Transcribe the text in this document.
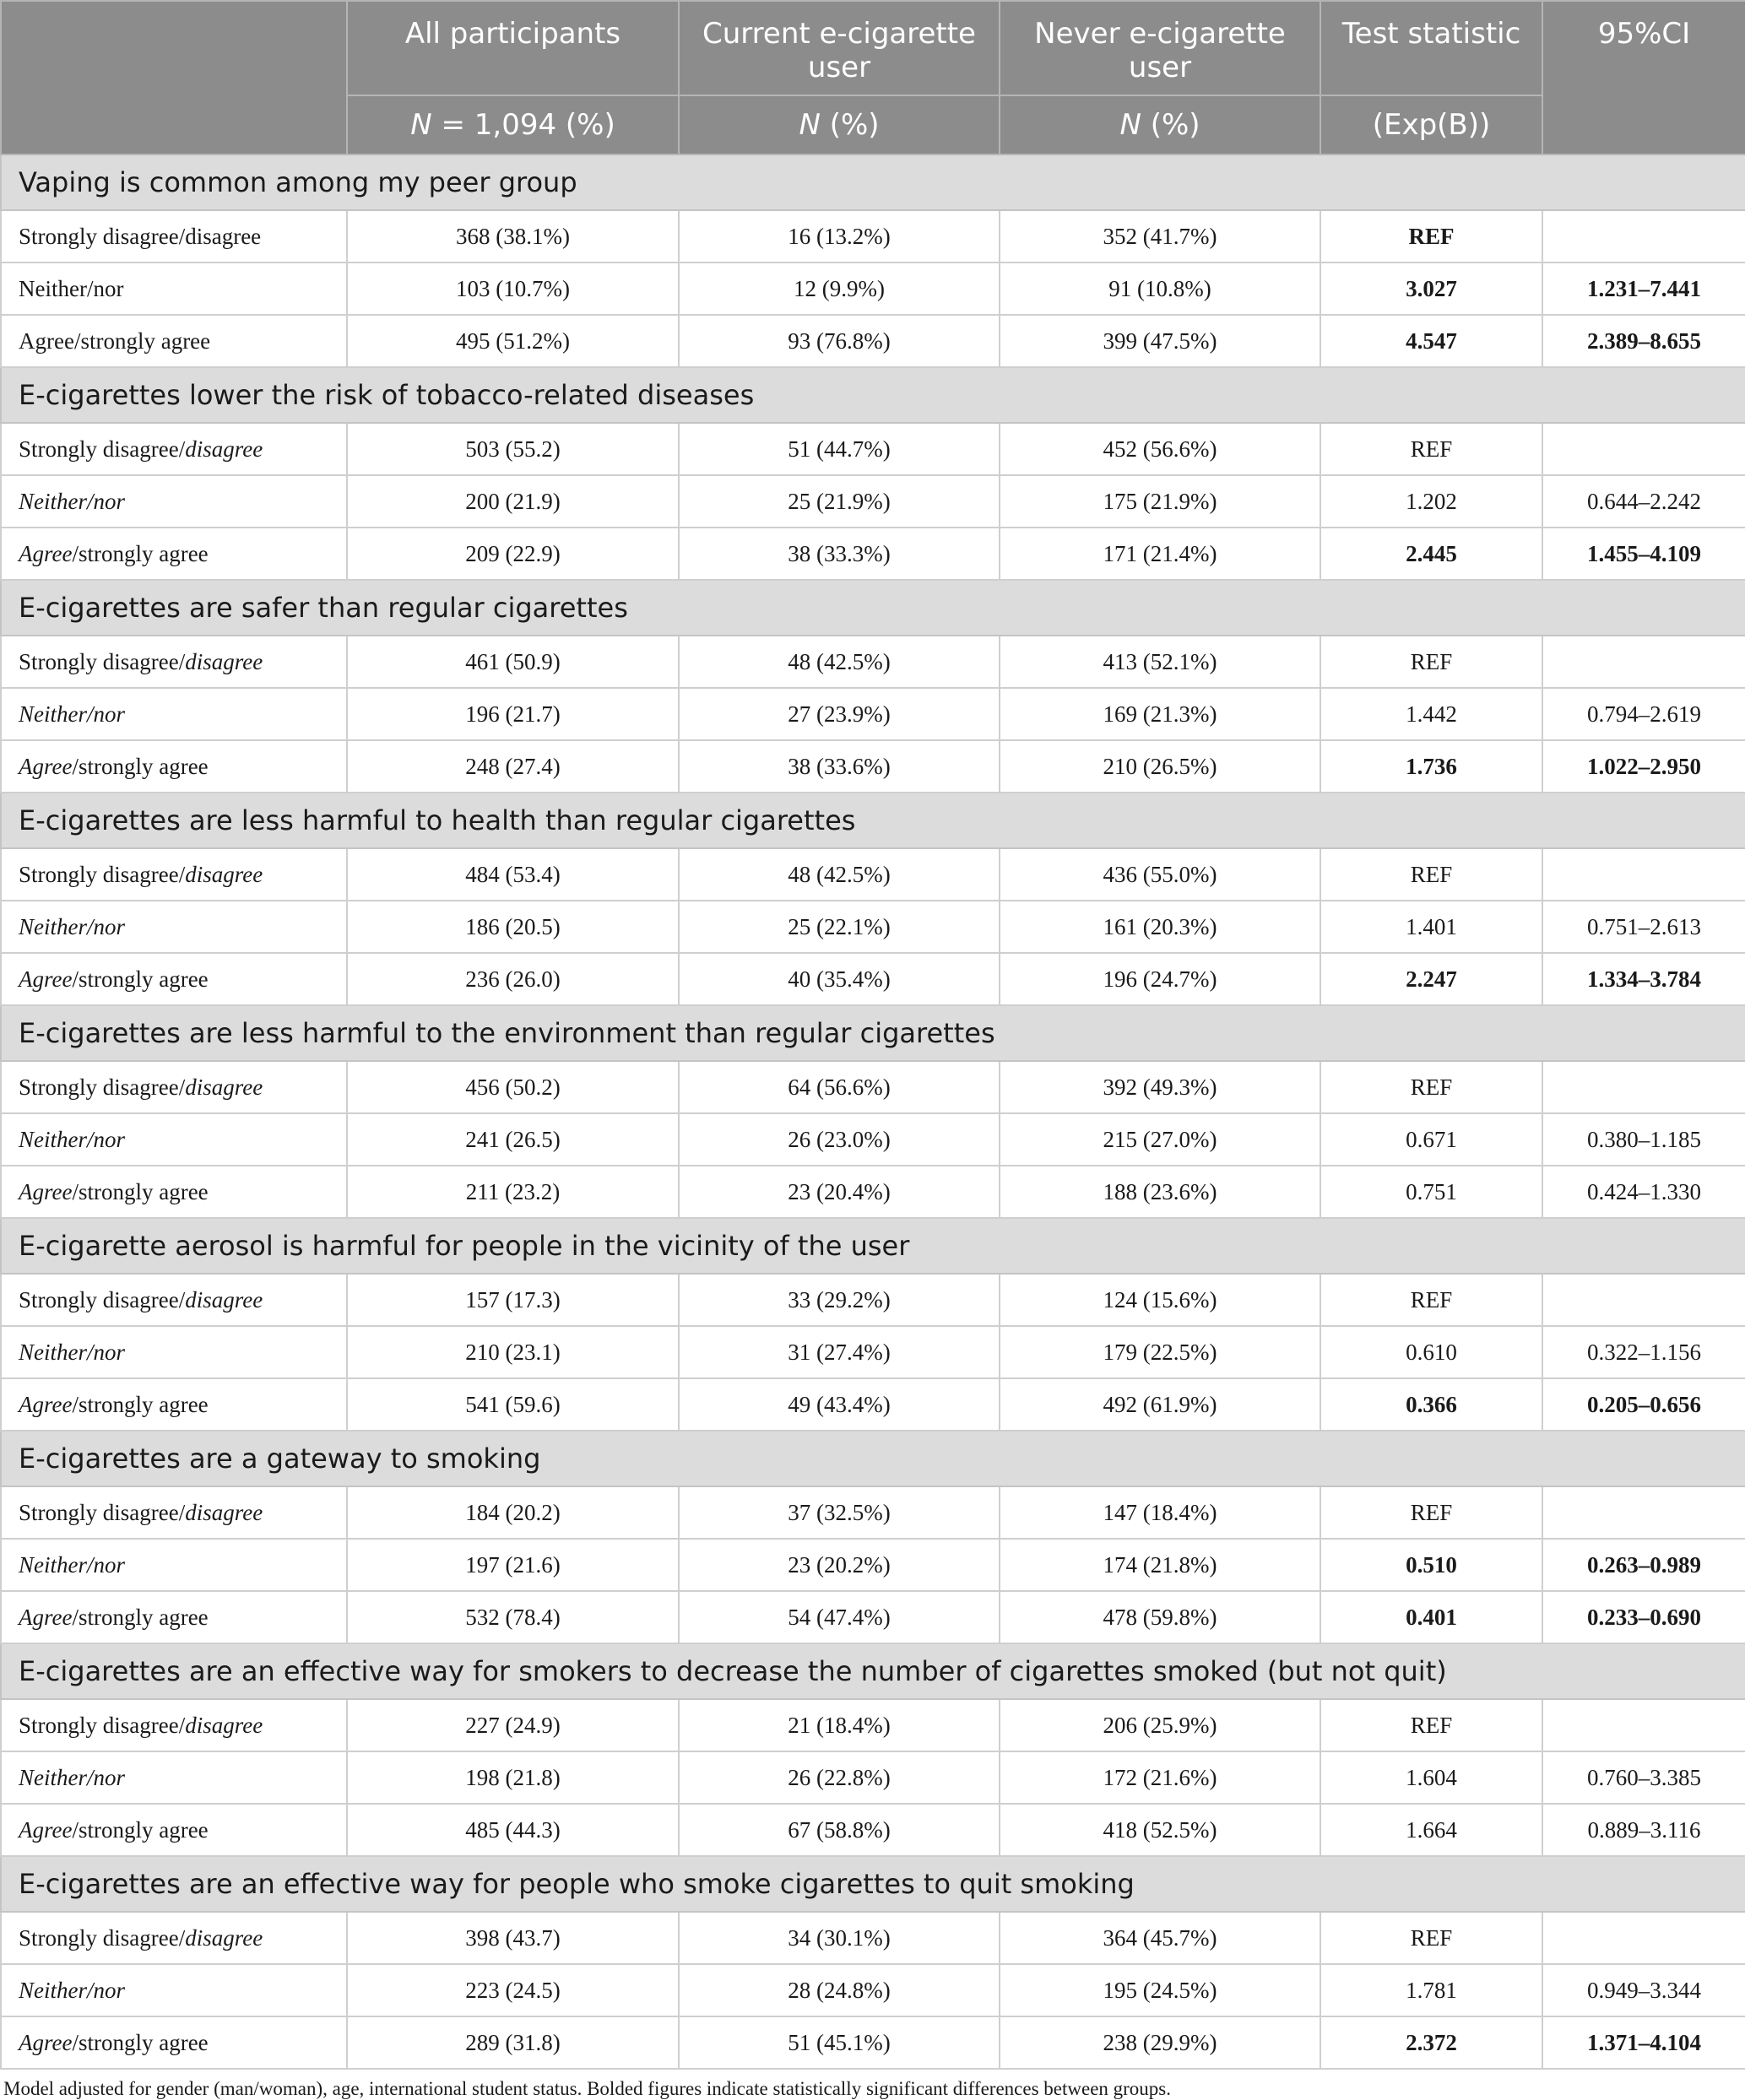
	All participants	Current e-cigarette user	Never e-cigarette user	Test statistic	95%CI
	N = 1,094 (%)	N (%)	N (%)	(Exp(B))	
Vaping is common among my peer group					
Strongly disagree/disagree	368 (38.1%)	16 (13.2%)	352 (41.7%)	REF	
Neither/nor	103 (10.7%)	12 (9.9%)	91 (10.8%)	3.027	1.231–7.441
Agree/strongly agree	495 (51.2%)	93 (76.8%)	399 (47.5%)	4.547	2.389–8.655
E-cigarettes lower the risk of tobacco-related diseases					
Strongly disagree/disagree	503 (55.2)	51 (44.7%)	452 (56.6%)	REF	
Neither/nor	200 (21.9)	25 (21.9%)	175 (21.9%)	1.202	0.644–2.242
Agree/strongly agree	209 (22.9)	38 (33.3%)	171 (21.4%)	2.445	1.455–4.109
E-cigarettes are safer than regular cigarettes					
Strongly disagree/disagree	461 (50.9)	48 (42.5%)	413 (52.1%)	REF	
Neither/nor	196 (21.7)	27 (23.9%)	169 (21.3%)	1.442	0.794–2.619
Agree/strongly agree	248 (27.4)	38 (33.6%)	210 (26.5%)	1.736	1.022–2.950
E-cigarettes are less harmful to health than regular cigarettes					
Strongly disagree/disagree	484 (53.4)	48 (42.5%)	436 (55.0%)	REF	
Neither/nor	186 (20.5)	25 (22.1%)	161 (20.3%)	1.401	0.751–2.613
Agree/strongly agree	236 (26.0)	40 (35.4%)	196 (24.7%)	2.247	1.334–3.784
E-cigarettes are less harmful to the environment than regular cigarettes					
Strongly disagree/disagree	456 (50.2)	64 (56.6%)	392 (49.3%)	REF	
Neither/nor	241 (26.5)	26 (23.0%)	215 (27.0%)	0.671	0.380–1.185
Agree/strongly agree	211 (23.2)	23 (20.4%)	188 (23.6%)	0.751	0.424–1.330
E-cigarette aerosol is harmful for people in the vicinity of the user					
Strongly disagree/disagree	157 (17.3)	33 (29.2%)	124 (15.6%)	REF	
Neither/nor	210 (23.1)	31 (27.4%)	179 (22.5%)	0.610	0.322–1.156
Agree/strongly agree	541 (59.6)	49 (43.4%)	492 (61.9%)	0.366	0.205–0.656
E-cigarettes are a gateway to smoking					
Strongly disagree/disagree	184 (20.2)	37 (32.5%)	147 (18.4%)	REF	
Neither/nor	197 (21.6)	23 (20.2%)	174 (21.8%)	0.510	0.263–0.989
Agree/strongly agree	532 (78.4)	54 (47.4%)	478 (59.8%)	0.401	0.233–0.690
E-cigarettes are an effective way for smokers to decrease the number of cigarettes smoked (but not quit)					
Strongly disagree/disagree	227 (24.9)	21 (18.4%)	206 (25.9%)	REF	
Neither/nor	198 (21.8)	26 (22.8%)	172 (21.6%)	1.604	0.760–3.385
Agree/strongly agree	485 (44.3)	67 (58.8%)	418 (52.5%)	1.664	0.889–3.116
E-cigarettes are an effective way for people who smoke cigarettes to quit smoking					
Strongly disagree/disagree	398 (43.7)	34 (30.1%)	364 (45.7%)	REF	
Neither/nor	223 (24.5)	28 (24.8%)	195 (24.5%)	1.781	0.949–3.344
Agree/strongly agree	289 (31.8)	51 (45.1%)	238 (29.9%)	2.372	1.371–4.104
Model adjusted for gender (man/woman), age, international student status. Bolded figures indicate statistically significant differences between groups.
